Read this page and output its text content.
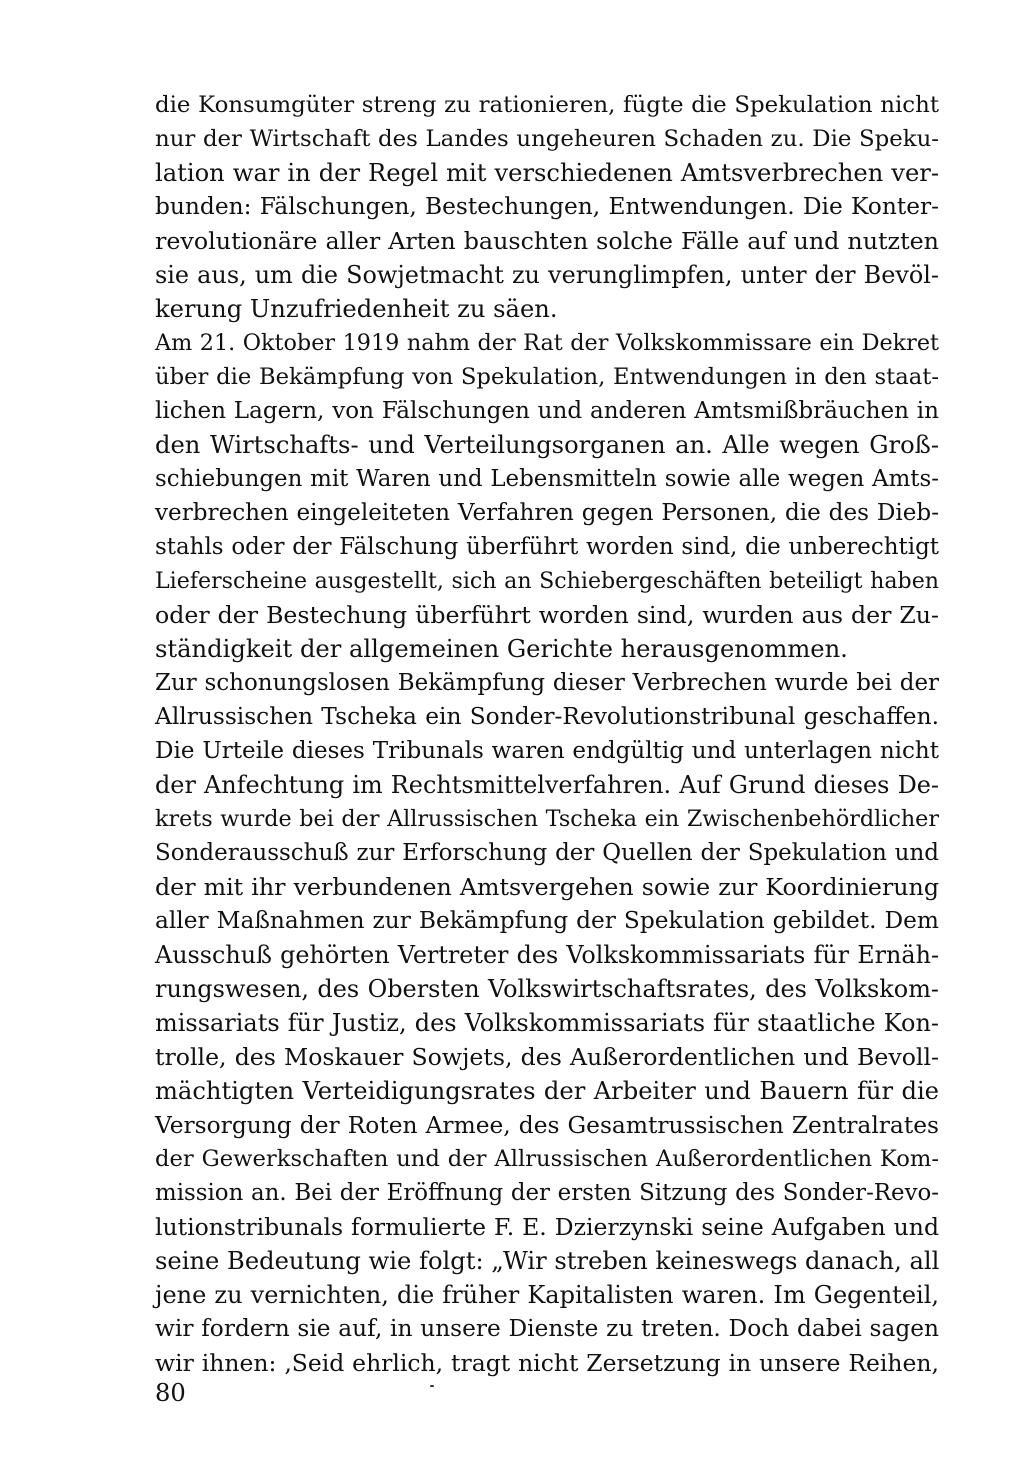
die Konsumgüter streng zu rationieren, fügte die Spekulation nicht
nur der Wirtschaft des Landes ungeheuren Schaden zu. Die Speku-
lation war in der Regel mit verschiedenen Amtsverbrechen ver-
bunden: Fälschungen, Bestechungen, Entwendungen. Die Konter-
revolutionäre aller Arten bauschten solche Fälle auf und nutzten
sie aus, um die Sowjetmacht zu verunglimpfen, unter der Bevöl-
kerung Unzufriedenheit zu säen.
Am 21. Oktober 1919 nahm der Rat der Volkskommissare ein Dekret
über die Bekämpfung von Spekulation, Entwendungen in den staat-
lichen Lagern, von Fälschungen und anderen Amtsmißbräuchen in
den Wirtschafts- und Verteilungsorganen an. Alle wegen Groß-
schiebungen mit Waren und Lebensmitteln sowie alle wegen Amts-
verbrechen eingeleiteten Verfahren gegen Personen, die des Dieb-
stahls oder der Fälschung überführt worden sind, die unberechtigt
Lieferscheine ausgestellt, sich an Schiebergeschäften beteiligt haben
oder der Bestechung überführt worden sind, wurden aus der Zu-
ständigkeit der allgemeinen Gerichte herausgenommen.
Zur schonungslosen Bekämpfung dieser Verbrechen wurde bei der
Allrussischen Tscheka ein Sonder-Revolutionstribunal geschaffen.
Die Urteile dieses Tribunals waren endgültig und unterlagen nicht
der Anfechtung im Rechtsmittelverfahren. Auf Grund dieses De-
krets wurde bei der Allrussischen Tscheka ein Zwischenbehördlicher
Sonderausschuß zur Erforschung der Quellen der Spekulation und
der mit ihr verbundenen Amtsvergehen sowie zur Koordinierung
aller Maßnahmen zur Bekämpfung der Spekulation gebildet. Dem
Ausschuß gehörten Vertreter des Volkskommissariats für Ernäh-
rungswesen, des Obersten Volkswirtschaftsrates, des Volkskom-
missariats für Justiz, des Volkskommissariats für staatliche Kon-
trolle, des Moskauer Sowjets, des Außerordentlichen und Bevoll-
mächtigten Verteidigungsrates der Arbeiter und Bauern für die
Versorgung der Roten Armee, des Gesamtrussischen Zentralrates
der Gewerkschaften und der Allrussischen Außerordentlichen Kom-
mission an. Bei der Eröffnung der ersten Sitzung des Sonder-Revo-
lutionstribunals formulierte F. E. Dzierzynski seine Aufgaben und
seine Bedeutung wie folgt: „Wir streben keineswegs danach, all
jene zu vernichten, die früher Kapitalisten waren. Im Gegenteil,
wir fordern sie auf, in unsere Dienste zu treten. Doch dabei sagen
wir ihnen: ‚Seid ehrlich, tragt nicht Zersetzung in unsere Reihen,
80
